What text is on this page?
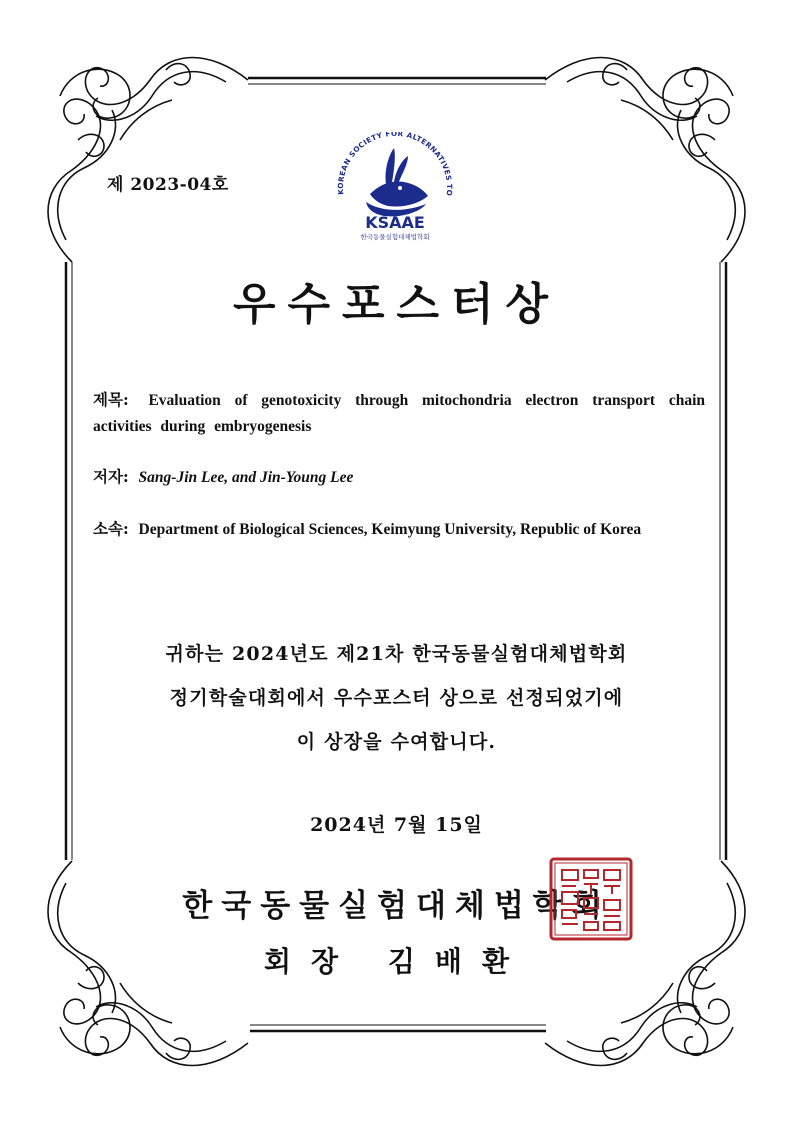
제 2023-04호	KOREAN SOCIETY FOR ALTERNATIVES TO
KSAAE
한국동물실험대체법학회
우수포스터상
제목: Evaluation of genotoxicity through mitochondria electron transport chain activities during embryogenesis
저자: Sang-Jin Lee, and Jin-Young Lee
소속: Department of Biological Sciences, Keimyung University, Republic of Korea
귀하는 2024년도 제21차 한국동물실험대체법학회
정기학술대회에서 우수포스터 상으로 선정되었기에
이 상장을 수여합니다.
2024년 7월 15일
한국동물실험대체법학회
회장 김배환
